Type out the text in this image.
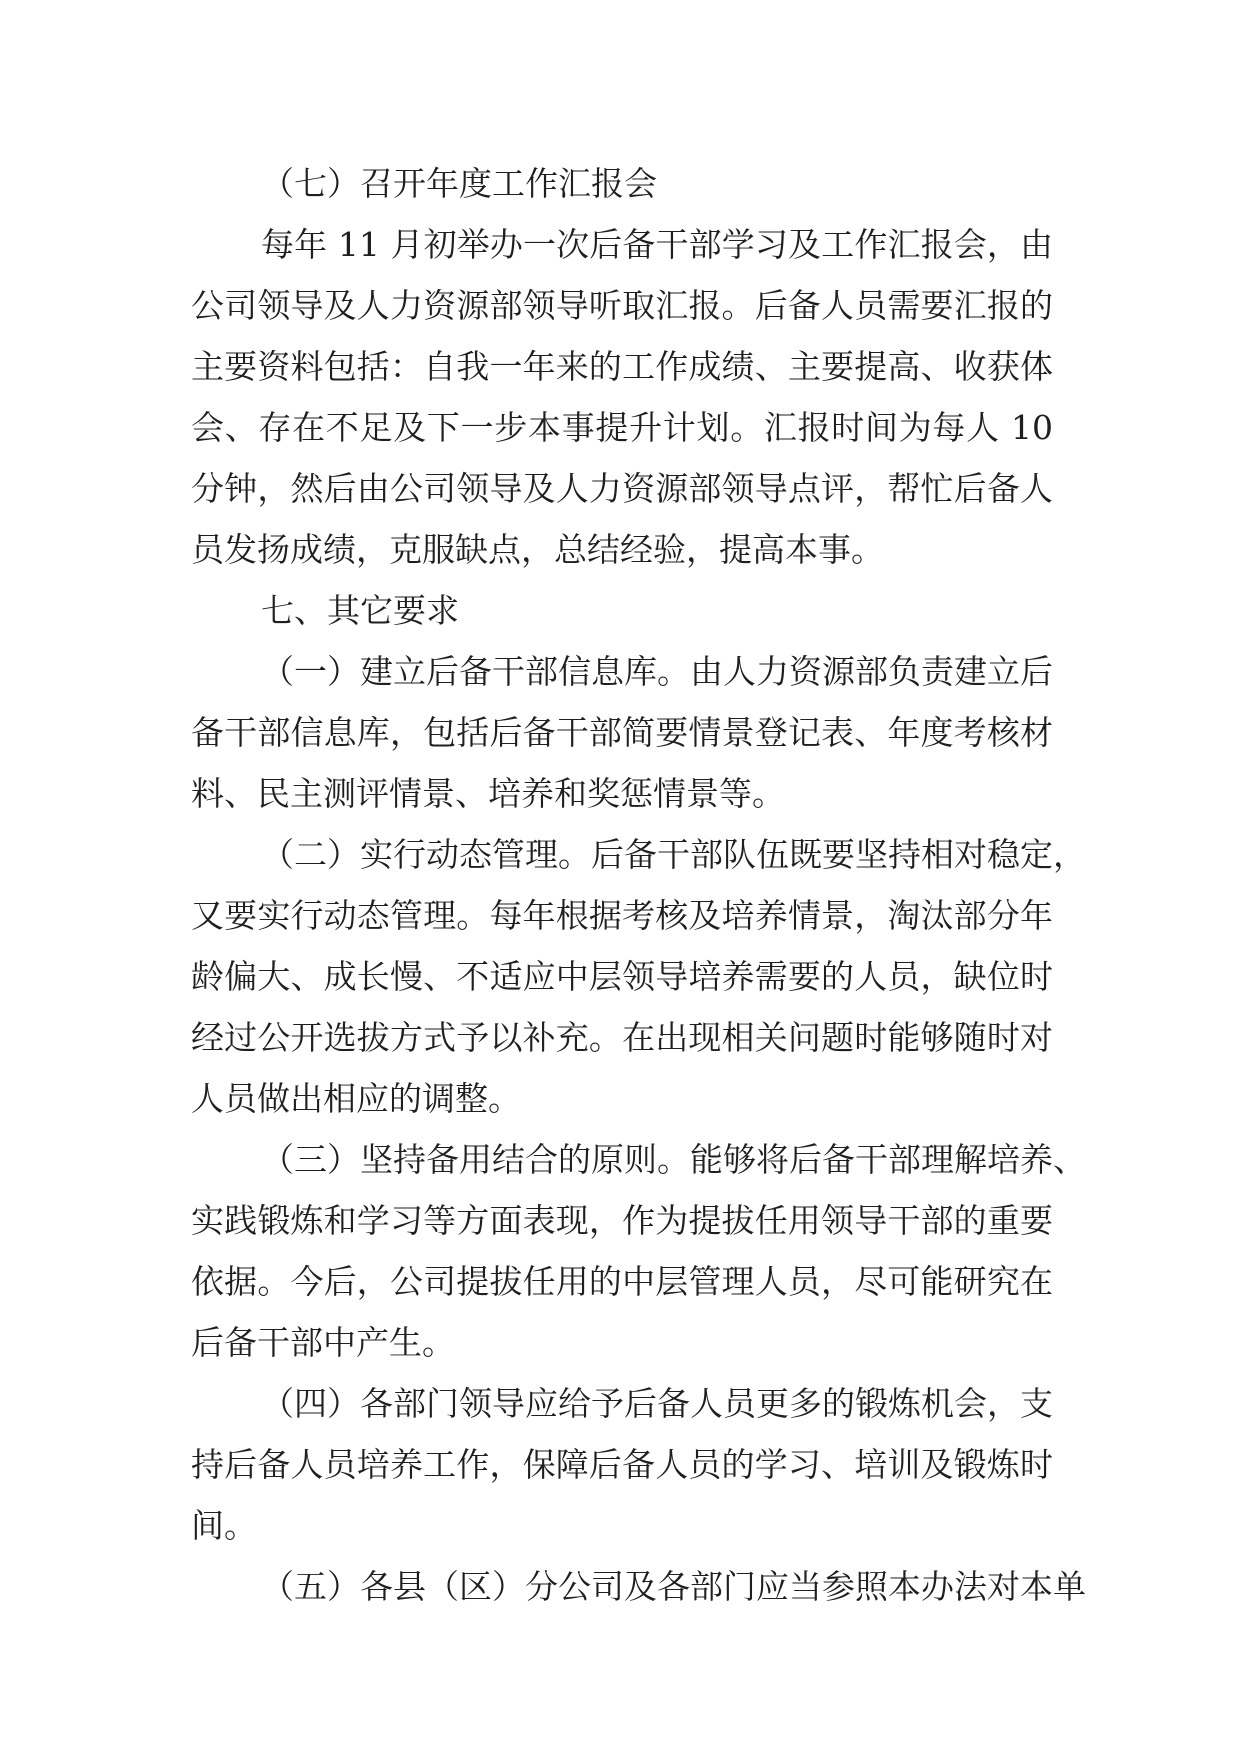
（七）召开年度工作汇报会
每年 11 月初举办一次后备干部学习及工作汇报会，由
公司领导及人力资源部领导听取汇报。后备人员需要汇报的
主要资料包括：自我一年来的工作成绩、主要提高、收获体
会、存在不足及下一步本事提升计划。汇报时间为每人 10
分钟，然后由公司领导及人力资源部领导点评，帮忙后备人
员发扬成绩，克服缺点，总结经验，提高本事。
七、其它要求
（一）建立后备干部信息库。由人力资源部负责建立后
备干部信息库，包括后备干部简要情景登记表、年度考核材
料、民主测评情景、培养和奖惩情景等。
（二）实行动态管理。后备干部队伍既要坚持相对稳定，
又要实行动态管理。每年根据考核及培养情景，淘汰部分年
龄偏大、成长慢、不适应中层领导培养需要的人员，缺位时
经过公开选拔方式予以补充。在出现相关问题时能够随时对
人员做出相应的调整。
（三）坚持备用结合的原则。能够将后备干部理解培养、
实践锻炼和学习等方面表现，作为提拔任用领导干部的重要
依据。今后，公司提拔任用的中层管理人员，尽可能研究在
后备干部中产生。
（四）各部门领导应给予后备人员更多的锻炼机会，支
持后备人员培养工作，保障后备人员的学习、培训及锻炼时
间。
（五）各县（区）分公司及各部门应当参照本办法对本单
